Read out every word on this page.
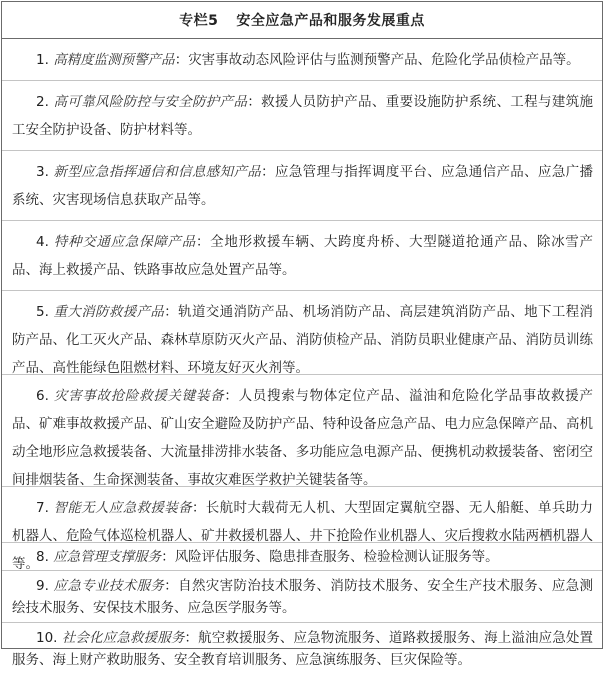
专栏5 安全应急产品和服务发展重点
1. 高精度监测预警产品：灾害事故动态风险评估与监测预警产品、危险化学品侦检产品等。
2. 高可靠风险防控与安全防护产品：救援人员防护产品、重要设施防护系统、工程与建筑施工安全防护设备、防护材料等。
3. 新型应急指挥通信和信息感知产品：应急管理与指挥调度平台、应急通信产品、应急广播系统、灾害现场信息获取产品等。
4. 特种交通应急保障产品：全地形救援车辆、大跨度舟桥、大型隧道抢通产品、除冰雪产品、海上救援产品、铁路事故应急处置产品等。
5. 重大消防救援产品：轨道交通消防产品、机场消防产品、高层建筑消防产品、地下工程消防产品、化工灭火产品、森林草原防灭火产品、消防侦检产品、消防员职业健康产品、消防员训练产品、高性能绿色阻燃材料、环境友好灭火剂等。
6. 灾害事故抢险救援关键装备：人员搜索与物体定位产品、溢油和危险化学品事故救援产品、矿难事故救援产品、矿山安全避险及防护产品、特种设备应急产品、电力应急保障产品、高机动全地形应急救援装备、大流量排涝排水装备、多功能应急电源产品、便携机动救援装备、密闭空间排烟装备、生命探测装备、事故灾难医学救护关键装备等。
7. 智能无人应急救援装备：长航时大载荷无人机、大型固定翼航空器、无人船艇、单兵助力机器人、危险气体巡检机器人、矿井救援机器人、井下抢险作业机器人、灾后搜救水陆两栖机器人等。
8. 应急管理支撑服务：风险评估服务、隐患排查服务、检验检测认证服务等。
9. 应急专业技术服务：自然灾害防治技术服务、消防技术服务、安全生产技术服务、应急测绘技术服务、安保技术服务、应急医学服务等。
10. 社会化应急救援服务：航空救援服务、应急物流服务、道路救援服务、海上溢油应急处置服务、海上财产救助服务、安全教育培训服务、应急演练服务、巨灾保险等。
